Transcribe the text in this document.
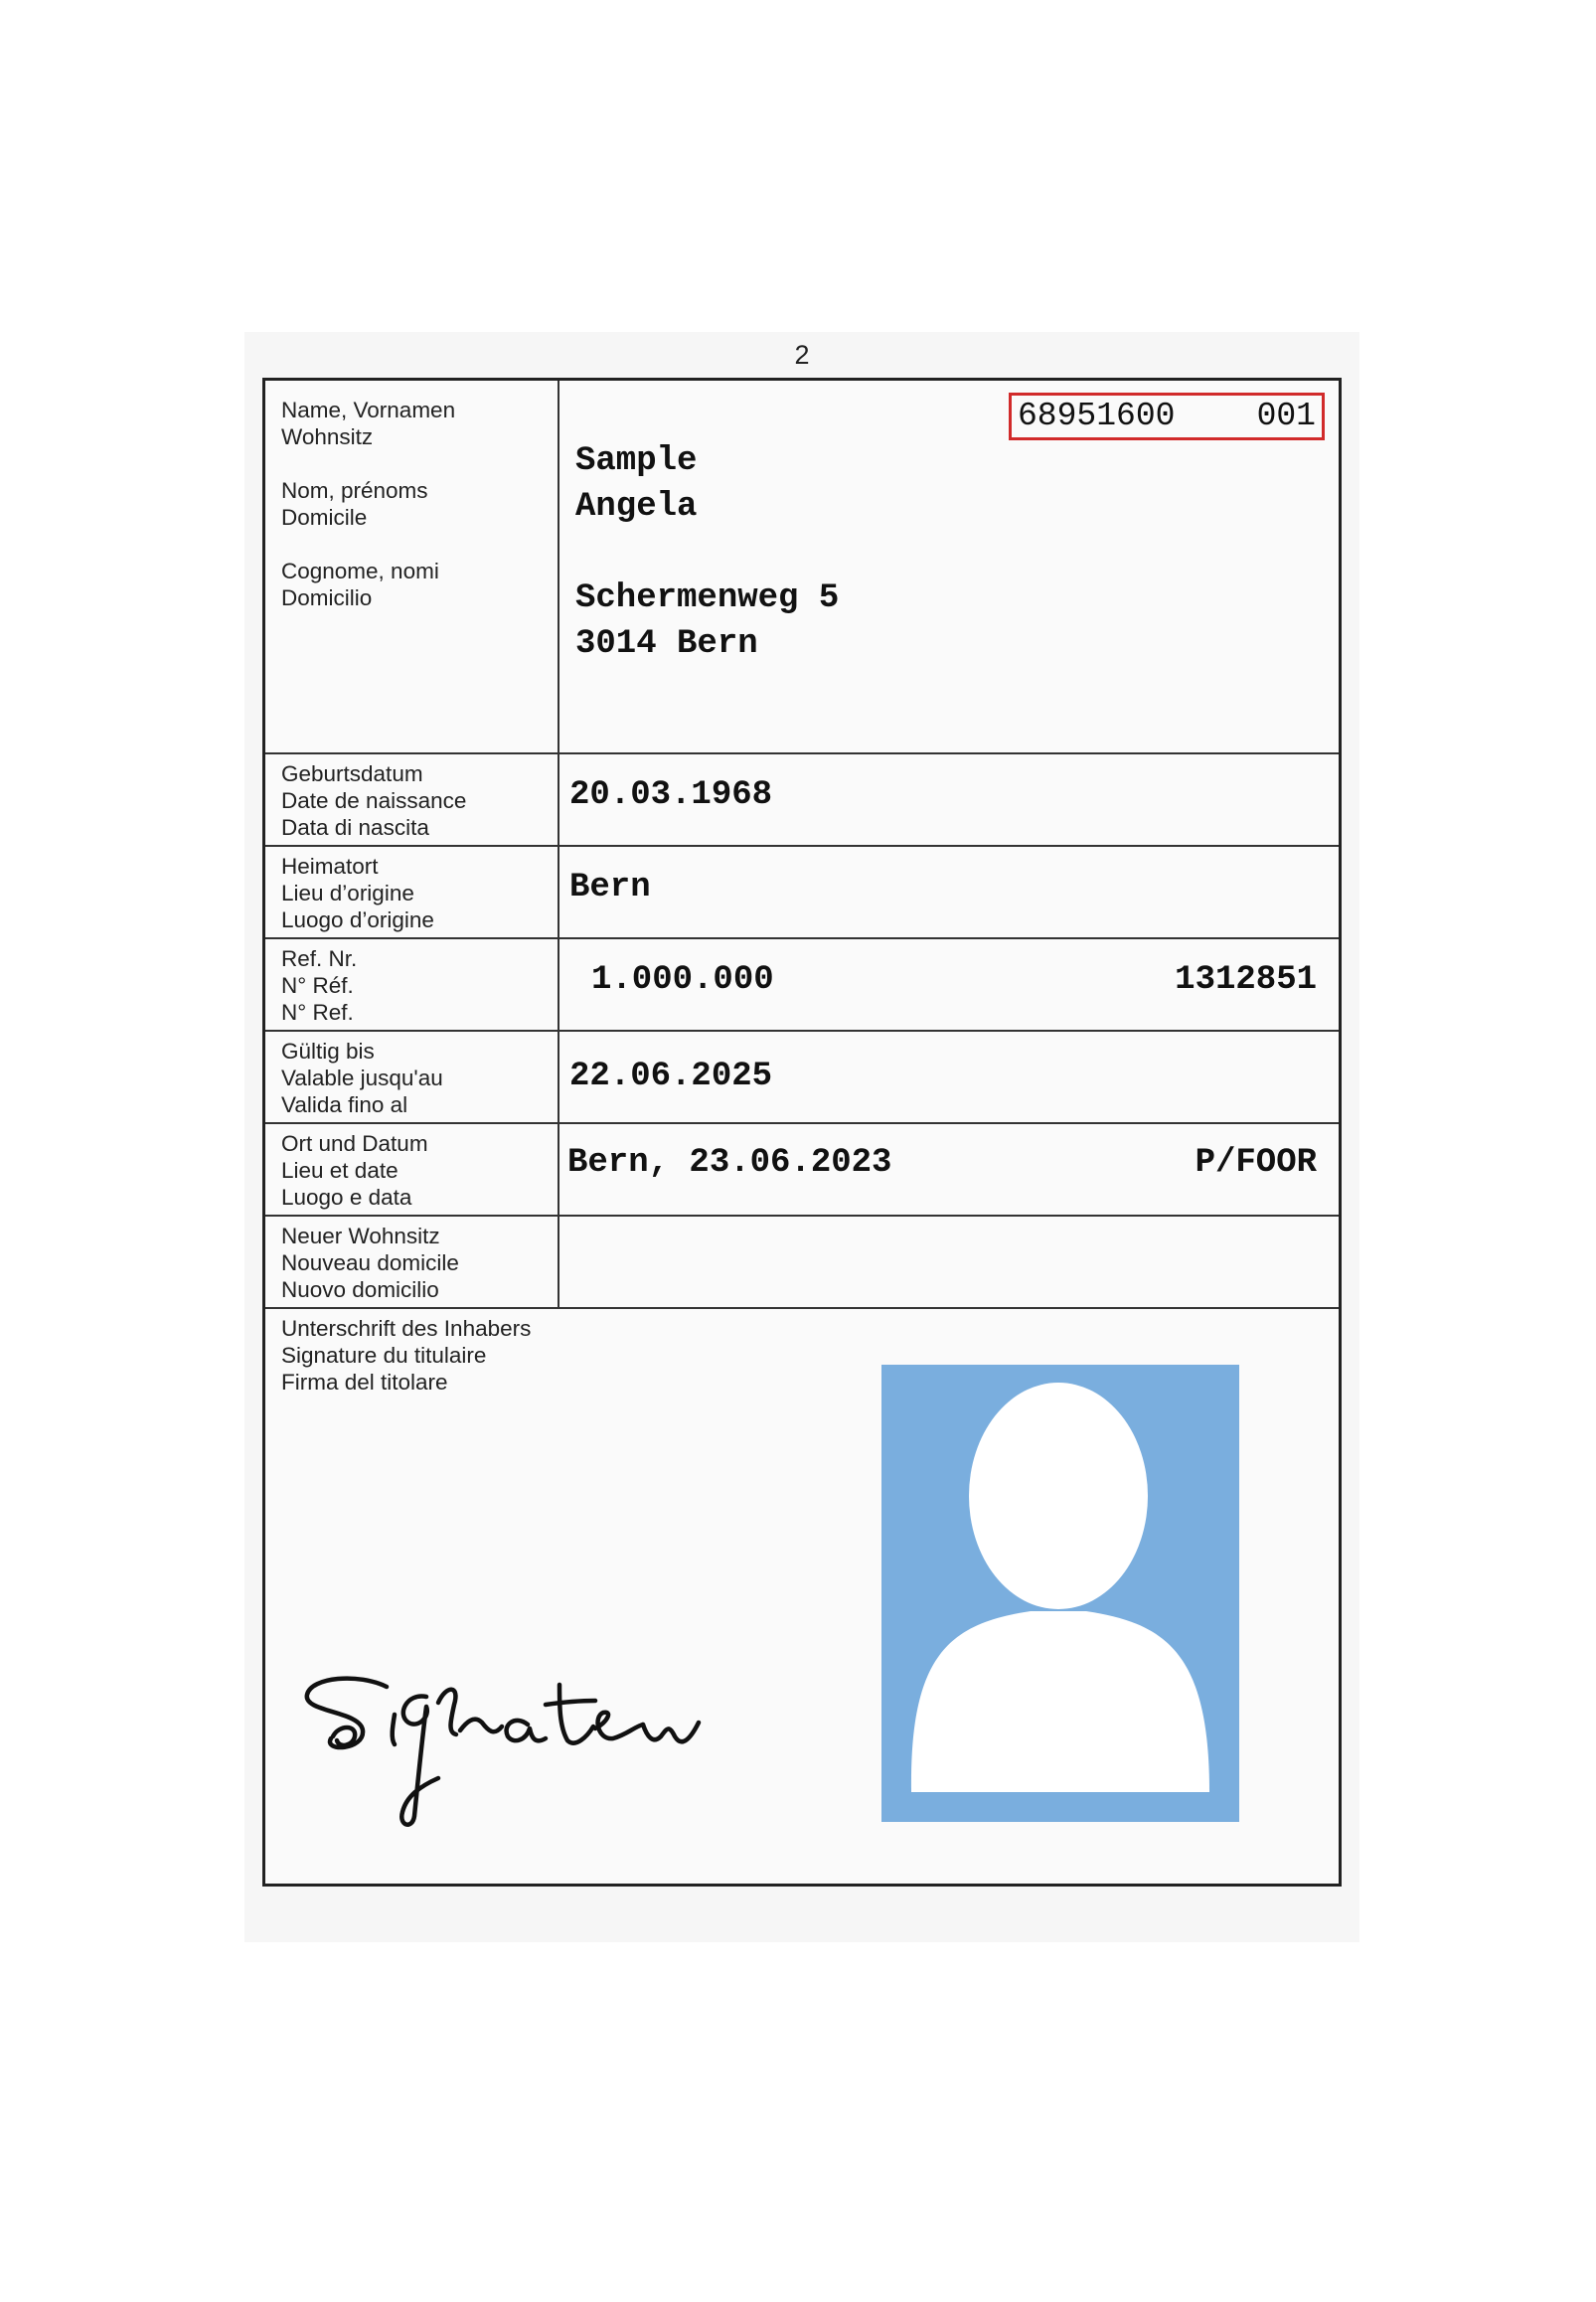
2
Name, Vornamen
Wohnsitz
Nom, prénoms
Domicile
Cognome, nomi
Domicilio
68951600 001
Sample
Angela
Schermenweg 5
3014 Bern
Geburtsdatum
Date de naissance
Data di nascita
20.03.1968
Heimatort
Lieu d’origine
Luogo d’origine
Bern
Ref. Nr.
N° Réf.
N° Ref.
1.000.000	1312851
Gültig bis
Valable jusqu'au
Valida fino al
22.06.2025
Ort und Datum
Lieu et date
Luogo e data
Bern, 23.06.2023	P/FOOR
Neuer Wohnsitz
Nouveau domicile
Nuovo domicilio
Unterschrift des Inhabers
Signature du titulaire
Firma del titolare
